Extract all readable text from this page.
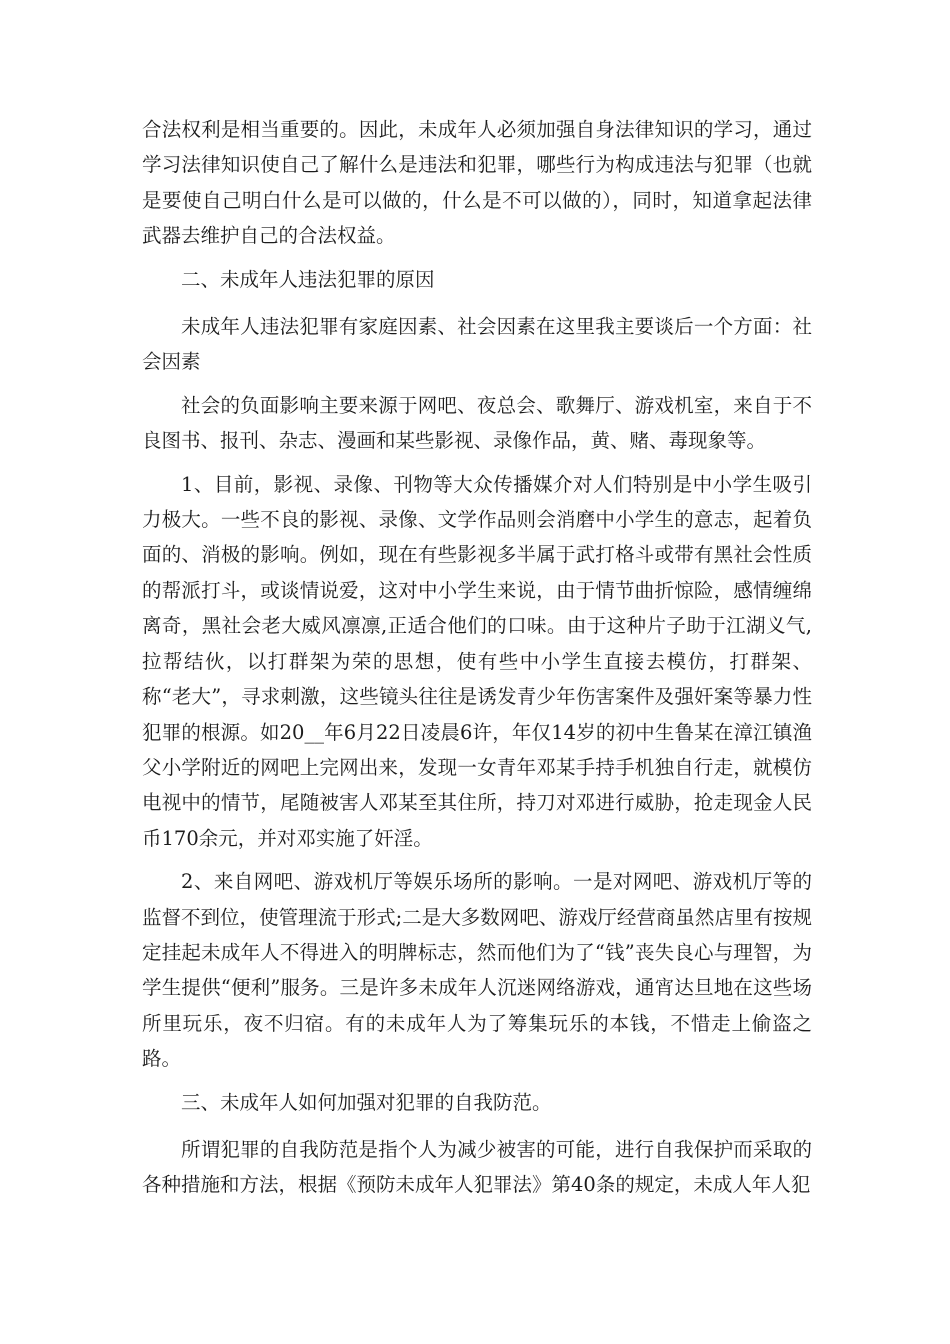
合法权利是相当重要的。因此，未成年人必须加强自身法律知识的学习，通过学习法律知识使自己了解什么是违法和犯罪，哪些行为构成违法与犯罪（也就是要使自己明白什么是可以做的，什么是不可以做的），同时，知道拿起法律武器去维护自己的合法权益。

二、未成年人违法犯罪的原因

未成年人违法犯罪有家庭因素、社会因素在这里我主要谈后一个方面：社会因素

社会的负面影响主要来源于网吧、夜总会、歌舞厅、游戏机室，来自于不良图书、报刊、杂志、漫画和某些影视、录像作品，黄、赌、毒现象等。

1、目前，影视、录像、刊物等大众传播媒介对人们特别是中小学生吸引力极大。一些不良的影视、录像、文学作品则会消磨中小学生的意志，起着负面的、消极的影响。例如，现在有些影视多半属于武打格斗或带有黑社会性质的帮派打斗，或谈情说爱，这对中小学生来说，由于情节曲折惊险，感情缠绵离奇，黑社会老大威风凛凛,正适合他们的口味。由于这种片子助于江湖义气,拉帮结伙，以打群架为荣的思想，使有些中小学生直接去模仿，打群架、称“老大”，寻求刺激，这些镜头往往是诱发青少年伤害案件及强奸案等暴力性犯罪的根源。如20__年6月22日凌晨6许，年仅14岁的初中生鲁某在漳江镇渔父小学附近的网吧上完网出来，发现一女青年邓某手持手机独自行走，就模仿电视中的情节，尾随被害人邓某至其住所，持刀对邓进行威胁，抢走现金人民币170余元，并对邓实施了奸淫。

2、来自网吧、游戏机厅等娱乐场所的影响。一是对网吧、游戏机厅等的监督不到位，使管理流于形式;二是大多数网吧、游戏厅经营商虽然店里有按规定挂起未成年人不得进入的明牌标志，然而他们为了“钱”丧失良心与理智，为学生提供“便利”服务。三是许多未成年人沉迷网络游戏，通宵达旦地在这些场所里玩乐，夜不归宿。有的未成年人为了筹集玩乐的本钱，不惜走上偷盗之路。

三、未成年人如何加强对犯罪的自我防范。

所谓犯罪的自我防范是指个人为减少被害的可能，进行自我保护而采取的各种措施和方法，根据《预防未成年人犯罪法》第40条的规定，未成人年人犯
